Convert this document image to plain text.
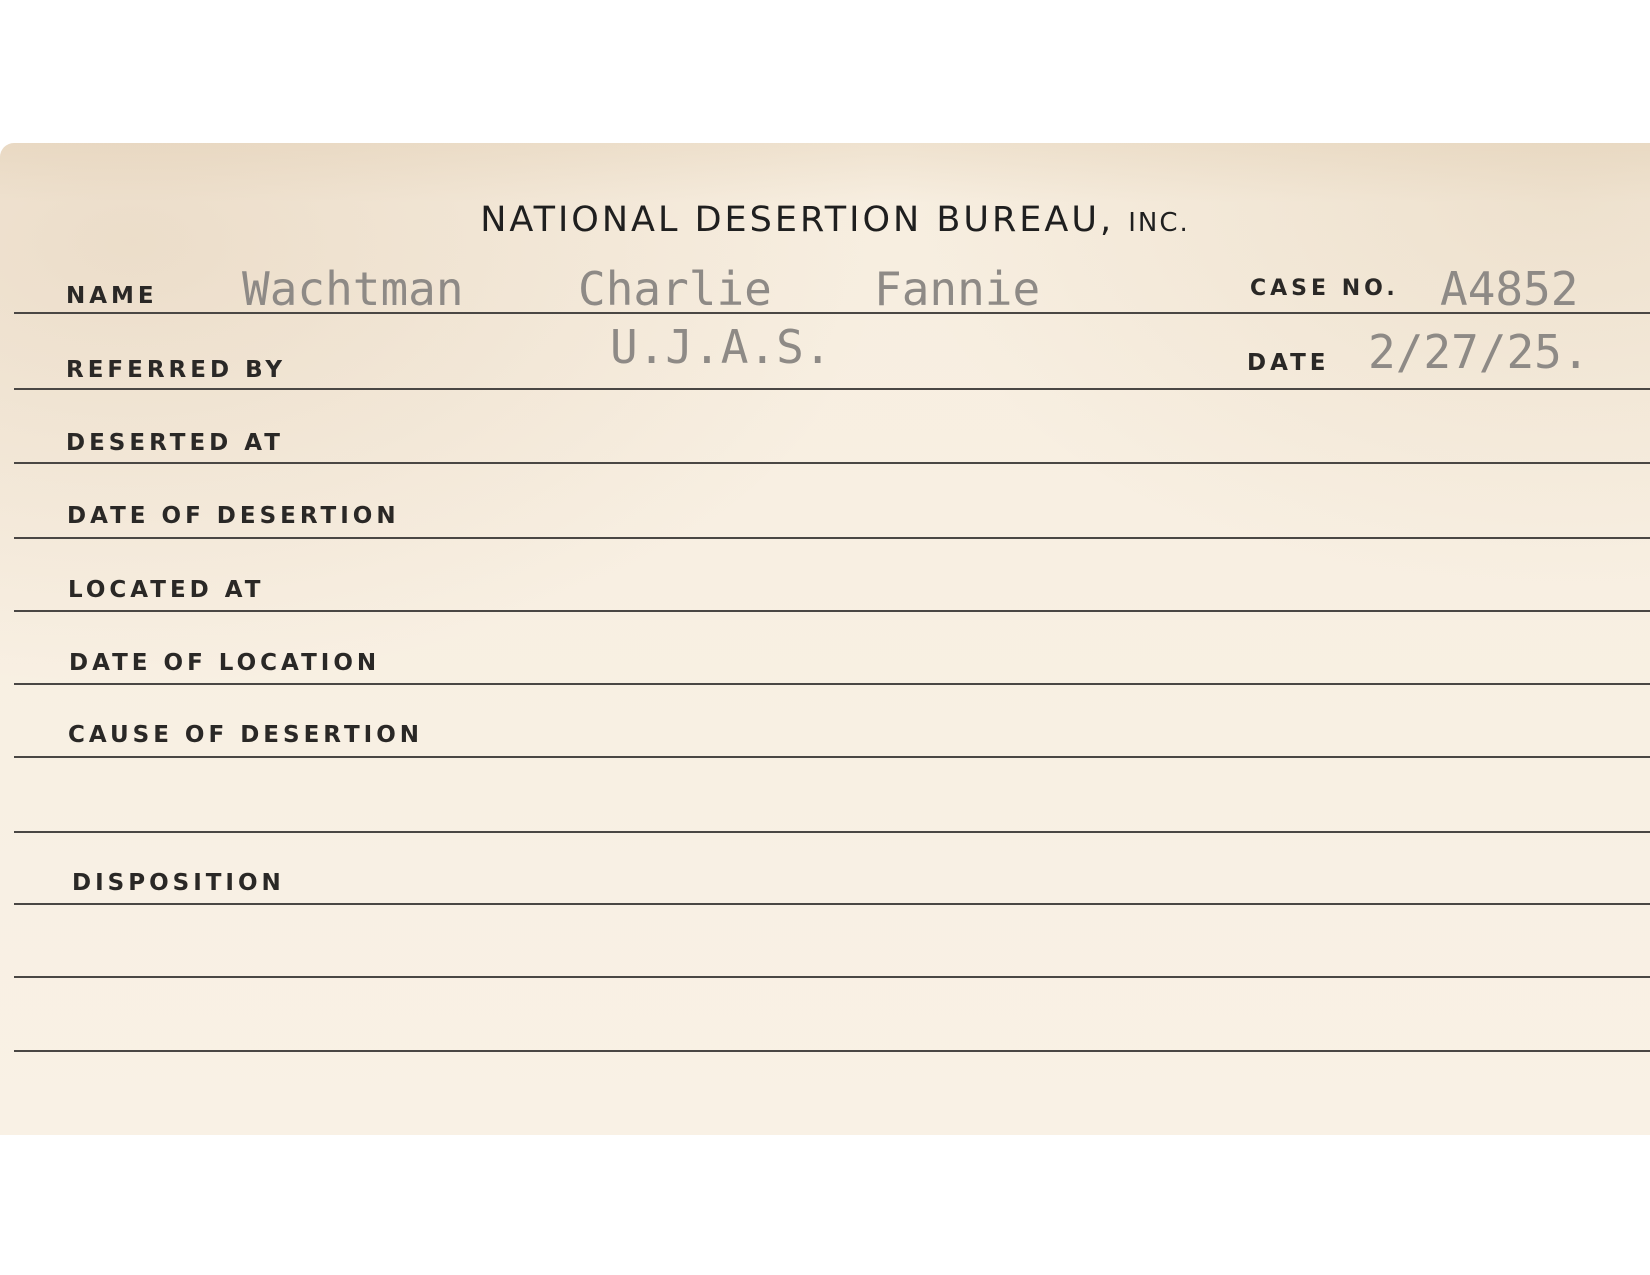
NATIONAL DESERTION BUREAU, INC.
NAME Wachtman Charlie Fannie	CASE NO. A4852
REFERRED BY	U.J.A.S.	DATE 2/27/25.
DESERTED AT
DATE OF DESERTION
LOCATED AT
DATE OF LOCATION
CAUSE OF DESERTION
DISPOSITION
